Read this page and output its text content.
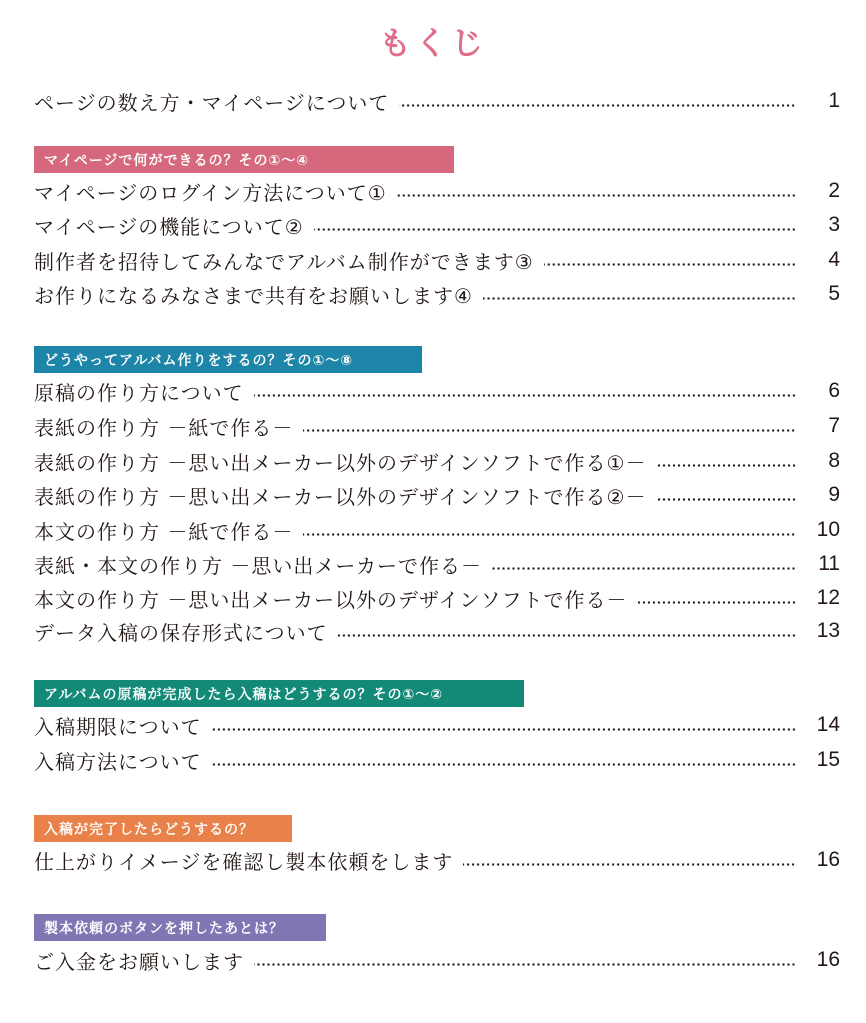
もくじ
ページの数え方・マイページについて	1
マイページで何ができるの？その①～④
マイページのログイン方法について①	2
マイページの機能について②	3
制作者を招待してみんなでアルバム制作ができます③	4
お作りになるみなさまで共有をお願いします④	5
どうやってアルバム作りをするの？その①～⑧
原稿の作り方について	6
表紙の作り方 －紙で作る－	7
表紙の作り方 －思い出メーカー以外のデザインソフトで作る①－	8
表紙の作り方 －思い出メーカー以外のデザインソフトで作る②－	9
本文の作り方 －紙で作る－	10
表紙・本文の作り方 －思い出メーカーで作る－	11
本文の作り方 －思い出メーカー以外のデザインソフトで作る－	12
データ入稿の保存形式について	13
アルバムの原稿が完成したら入稿はどうするの？その①～②
入稿期限について	14
入稿方法について	15
入稿が完了したらどうするの？
仕上がりイメージを確認し製本依頼をします	16
製本依頼のボタンを押したあとは？
ご入金をお願いします	16
